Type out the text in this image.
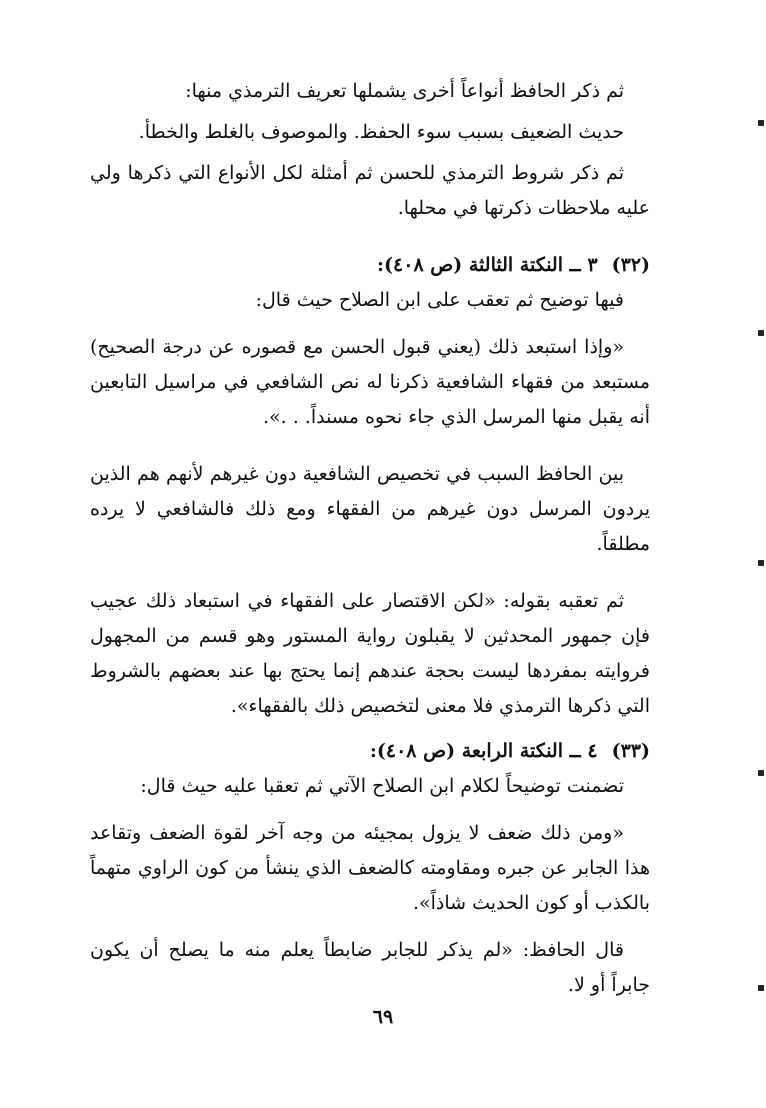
ثم ذكر الحافظ أنواعاً أخرى يشملها تعريف الترمذي منها:

حديث الضعيف بسبب سوء الحفظ. والموصوف بالغلط والخطأ.

ثم ذكر شروط الترمذي للحسن ثم أمثلة لكل الأنواع التي ذكرها ولي عليه ملاحظات ذكرتها في محلها.

(٣٢)٣ ــ النكتة الثالثة (ص ٤٠٨):

فيها توضيح ثم تعقب على ابن الصلاح حيث قال:

«وإذا استبعد ذلك (يعني قبول الحسن مع قصوره عن درجة الصحيح) مستبعد من فقهاء الشافعية ذكرنا له نص الشافعي في مراسيل التابعين أنه يقبل منها المرسل الذي جاء نحوه مسنداً. . .».

بين الحافظ السبب في تخصيص الشافعية دون غيرهم لأنهم هم الذين يردون المرسل دون غيرهم من الفقهاء ومع ذلك فالشافعي لا يرده مطلقاً.

ثم تعقبه بقوله: «لكن الاقتصار على الفقهاء في استبعاد ذلك عجيب فإن جمهور المحدثين لا يقبلون رواية المستور وهو قسم من المجهول فروايته بمفردها ليست بحجة عندهم إنما يحتج بها عند بعضهم بالشروط التي ذكرها الترمذي فلا معنى لتخصيص ذلك بالفقهاء».

(٣٣)٤ ــ النكتة الرابعة (ص ٤٠٨):

تضمنت توضيحاً لكلام ابن الصلاح الآتي ثم تعقبا عليه حيث قال:

«ومن ذلك ضعف لا يزول بمجيئه من وجه آخر لقوة الضعف وتقاعد هذا الجابر عن جبره ومقاومته كالضعف الذي ينشأ من كون الراوي متهماً بالكذب أو كون الحديث شاذاً».

قال الحافظ: «لم يذكر للجابر ضابطاً يعلم منه ما يصلح أن يكون جابراً أو لا.

٦٩
